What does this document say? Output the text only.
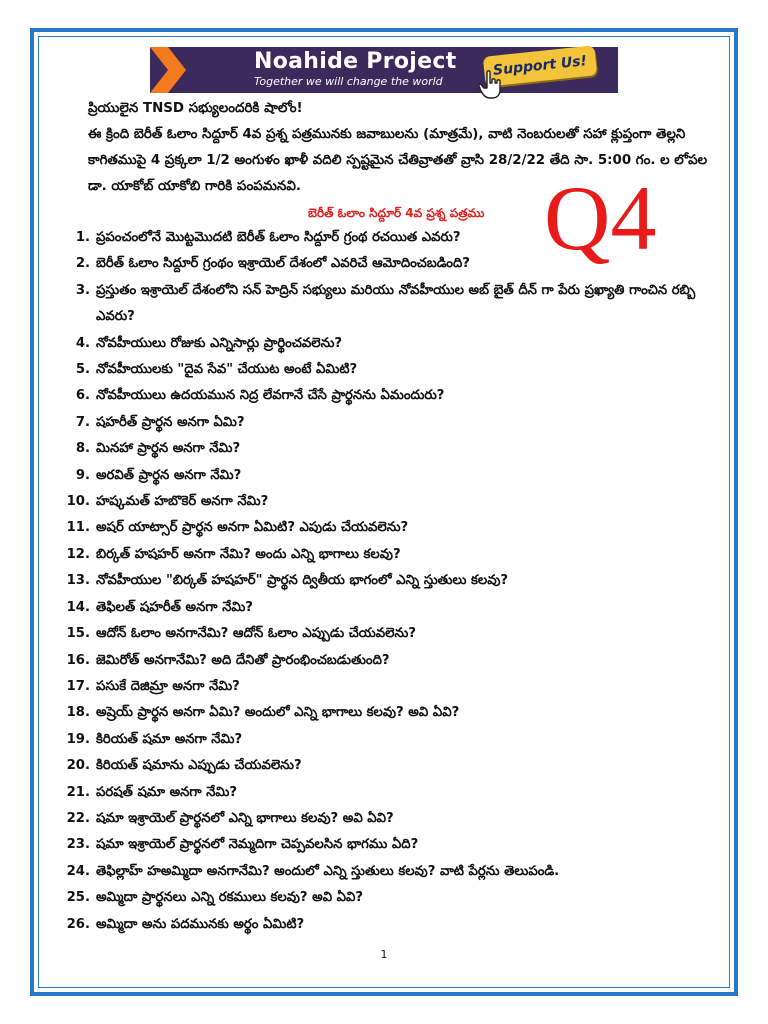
Noahide Project
Together we will change the world
Support Us!

ప్రియులైన TNSD సభ్యులందరికి షాలోం!

ఈ క్రింది బెరీత్ ఓలాం సిద్దూర్ 4వ ప్రశ్న పత్రమునకు జవాబులను (మాత్రమే), వాటి నెంబరులతో సహా క్లుప్తంగా తెల్లని కాగితముపై 4 ప్రక్కలా 1/2 అంగుళం ఖాళీ వదిలి స్పష్టమైన చేతివ్రాతతో వ్రాసి 28/2/22 తేది సా. 5:00 గం. ల లోపల డా. యాకోబ్ యాకోబి గారికి పంపమనవి.

బెరీత్ ఓలాం సిద్దూర్ 4వ ప్రశ్న పత్రము Q4
1. ప్రపంచంలోనే మొట్టమొదటి బెరీత్ ఓలాం సిద్దూర్ గ్రంథ రచయిత ఎవరు?
2. బెరీత్ ఓలాం సిద్దూర్ గ్రంథం ఇశ్రాయెల్ దేశంలో ఎవరిచే ఆమోదించబడింది?
3. ప్రస్తుతం ఇశ్రాయెల్ దేశంలోని సన్ హెద్రిన్ సభ్యులు మరియు నోవహీయుల అబ్ బైత్ దీన్ గా పేరు ప్రఖ్యాతి గాంచిన రబ్బి ఎవరు?
4. నోవహీయులు రోజుకు ఎన్నిసార్లు ప్రార్థించవలెను?
5. నోవహీయులకు "దైవ సేవ" చేయుట అంటే ఏమిటి?
6. నోవహీయులు ఉదయమున నిద్ర లేవగానే చేసే ప్రార్థనను ఏమందురు?
7. షహరీత్ ప్రార్థన అనగా ఏమి?
8. మినహా ప్రార్థన అనగా నేమి?
9. అరవిత్ ప్రార్థన అనగా నేమి?
10. హష్కమత్ హబొకెర్ అనగా నేమి?
11. అషర్ యాట్సార్ ప్రార్థన అనగా ఏమిటి? ఎపుడు చేయవలెను?
12. బిర్కత్ హషహర్ అనగా నేమి? అందు ఎన్ని భాగాలు కలవు?
13. నోవహీయుల "బిర్కత్ హషహర్" ప్రార్థన ద్వితీయ భాగంలో ఎన్ని స్తుతులు కలవు?
14. తెఫిలత్ షహరీత్ అనగా నేమి?
15. ఆదోన్ ఓలాం అనగానేమి? ఆదోన్ ఓలాం ఎప్పుడు చేయవలెను?
16. జెమిరోత్ అనగానేమి? అది దేనితో ప్రారంభించబడుతుంది?
17. పసుకే దెజిమ్రా అనగా నేమి?
18. అష్రెయ్ ప్రార్థన అనగా ఏమి? అందులో ఎన్ని భాగాలు కలవు? అవి ఏవి?
19. కిరియత్ షమా అనగా నేమి?
20. కిరియత్ షమాను ఎప్పుడు చేయవలెను?
21. పరషత్ షమా అనగా నేమి?
22. షమా ఇశ్రాయెల్ ప్రార్థనలో ఎన్ని భాగాలు కలవు? అవి ఏవి?
23. షమా ఇశ్రాయెల్ ప్రార్థనలో నెమ్మదిగా చెప్పవలసిన భాగము ఏది?
24. తెఫిల్లాహ్ హఅమ్మిదా అనగానేమి? అందులో ఎన్ని స్తుతులు కలవు? వాటి పేర్లను తెలుపండి.
25. అమ్మిదా ప్రార్థనలు ఎన్ని రకములు కలవు? అవి ఏవి?
26. అమ్మిదా అను పదమునకు అర్థం ఏమిటి?
1
